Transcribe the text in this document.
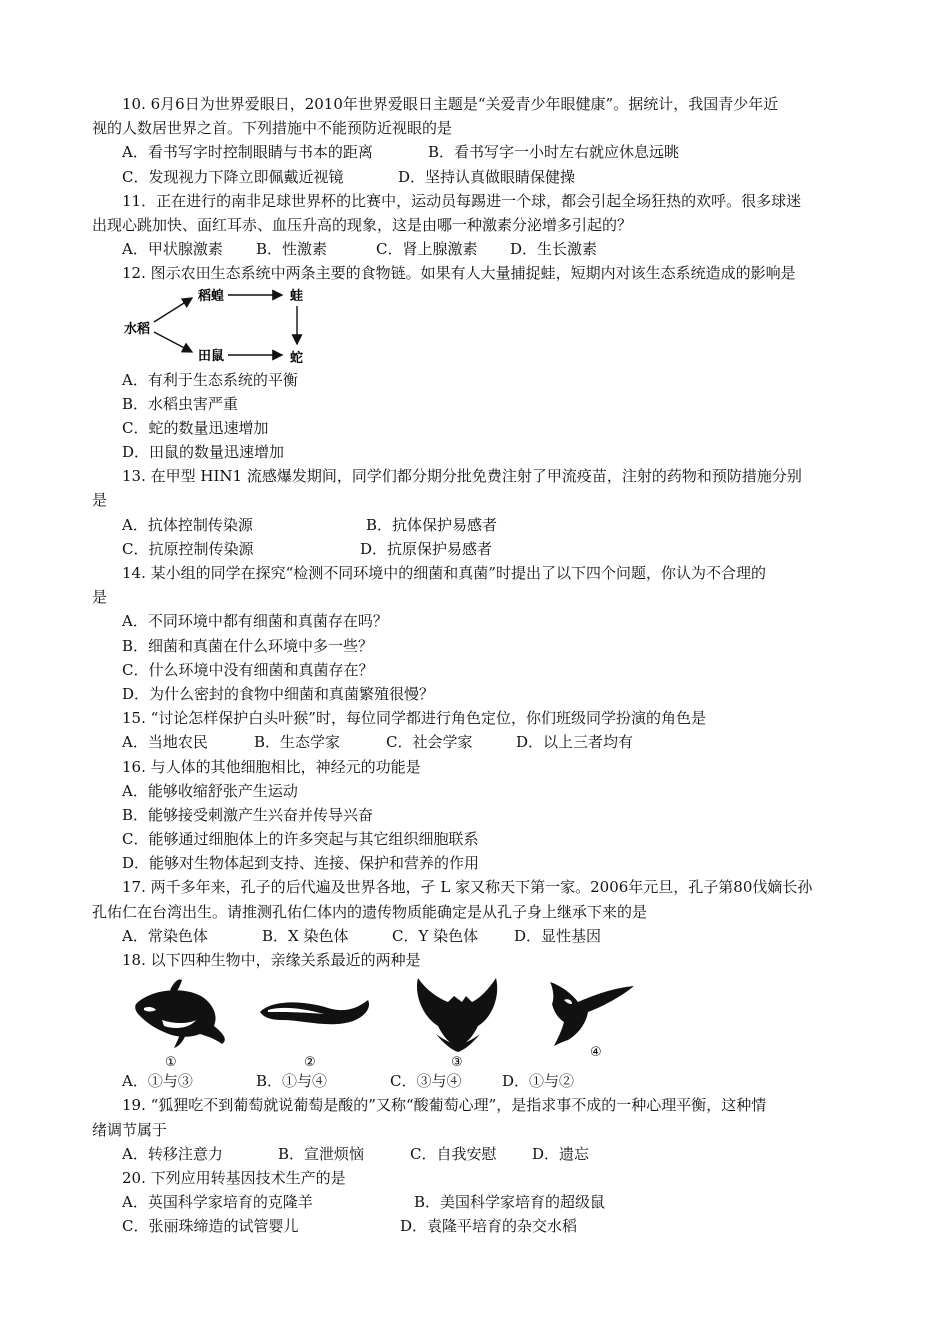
10. 6月6日为世界爱眼日，2010年世界爱眼日主题是“关爱青少年眼健康”。据统计，我国青少年近
视的人数居世界之首。下列措施中不能预防近视眼的是
A．看书写字时控制眼睛与书本的距离	B．看书写字一小时左右就应休息远眺
C．发现视力下降立即佩戴近视镜	D．坚持认真做眼睛保健操
11．正在进行的南非足球世界杯的比赛中，运动员每踢进一个球，都会引起全场狂热的欢呼。很多球迷
出现心跳加快、面红耳赤、血压升高的现象，这是由哪一种激素分泌增多引起的？
A．甲状腺激素 B．性激素	C．肾上腺激素 D．生长激素
12. 图示农田生态系统中两条主要的食物链。如果有人大量捕捉蛙，短期内对该生态系统造成的影响是
水稻
稻蝗	蛙
田鼠	蛇
A．有利于生态系统的平衡
B．水稻虫害严重
C．蛇的数量迅速增加
D．田鼠的数量迅速增加
13. 在甲型 HIN1 流感爆发期间，同学们都分期分批免费注射了甲流疫苗，注射的药物和预防措施分别
是
A．抗体控制传染源	B．抗体保护易感者
C．抗原控制传染源	D．抗原保护易感者
14. 某小组的同学在探究“检测不同环境中的细菌和真菌”时提出了以下四个问题，你认为不合理的
是
A．不同环境中都有细菌和真菌存在吗？
B．细菌和真菌在什么环境中多一些？
C．什么环境中没有细菌和真菌存在？
D．为什么密封的食物中细菌和真菌繁殖很慢？
15. “讨论怎样保护白头叶猴”时，每位同学都进行角色定位，你们班级同学扮演的角色是
A．当地农民	B．生态学家	C．社会学家	D．以上三者均有
16. 与人体的其他细胞相比，神经元的功能是
A．能够收缩舒张产生运动
B．能够接受刺激产生兴奋并传导兴奋
C．能够通过细胞体上的许多突起与其它组织细胞联系
D．能够对生物体起到支持、连接、保护和营养的作用
17. 两千多年来，孔子的后代遍及世界各地，孑 L 家又称天下第一家。2006年元旦，孔子第80伐嫡长孙
孔佑仁在台湾出生。请推测孔佑仁体内的遗传物质能确定是从孔子身上继承下来的是
A．常染色体	B．X 染色体	C．Y 染色体 D．显性基因
18. 以下四种生物中，亲缘关系最近的两种是
①	②	③
④
A．①与③	B．①与④	C．③与④	D．①与②
19. “狐狸吃不到葡萄就说葡萄是酸的”又称“酸葡萄心理”，是指求事不成的一种心理平衡，这种情
绪调节属于
A．转移注意力	B．宣泄烦恼	C．自我安慰 D．遗忘
20. 下列应用转基因技术生产的是
A．英国科学家培育的克隆羊	B．美国科学家培育的超级鼠
C．张丽珠缔造的试管婴儿	D．袁隆平培育的杂交水稻
